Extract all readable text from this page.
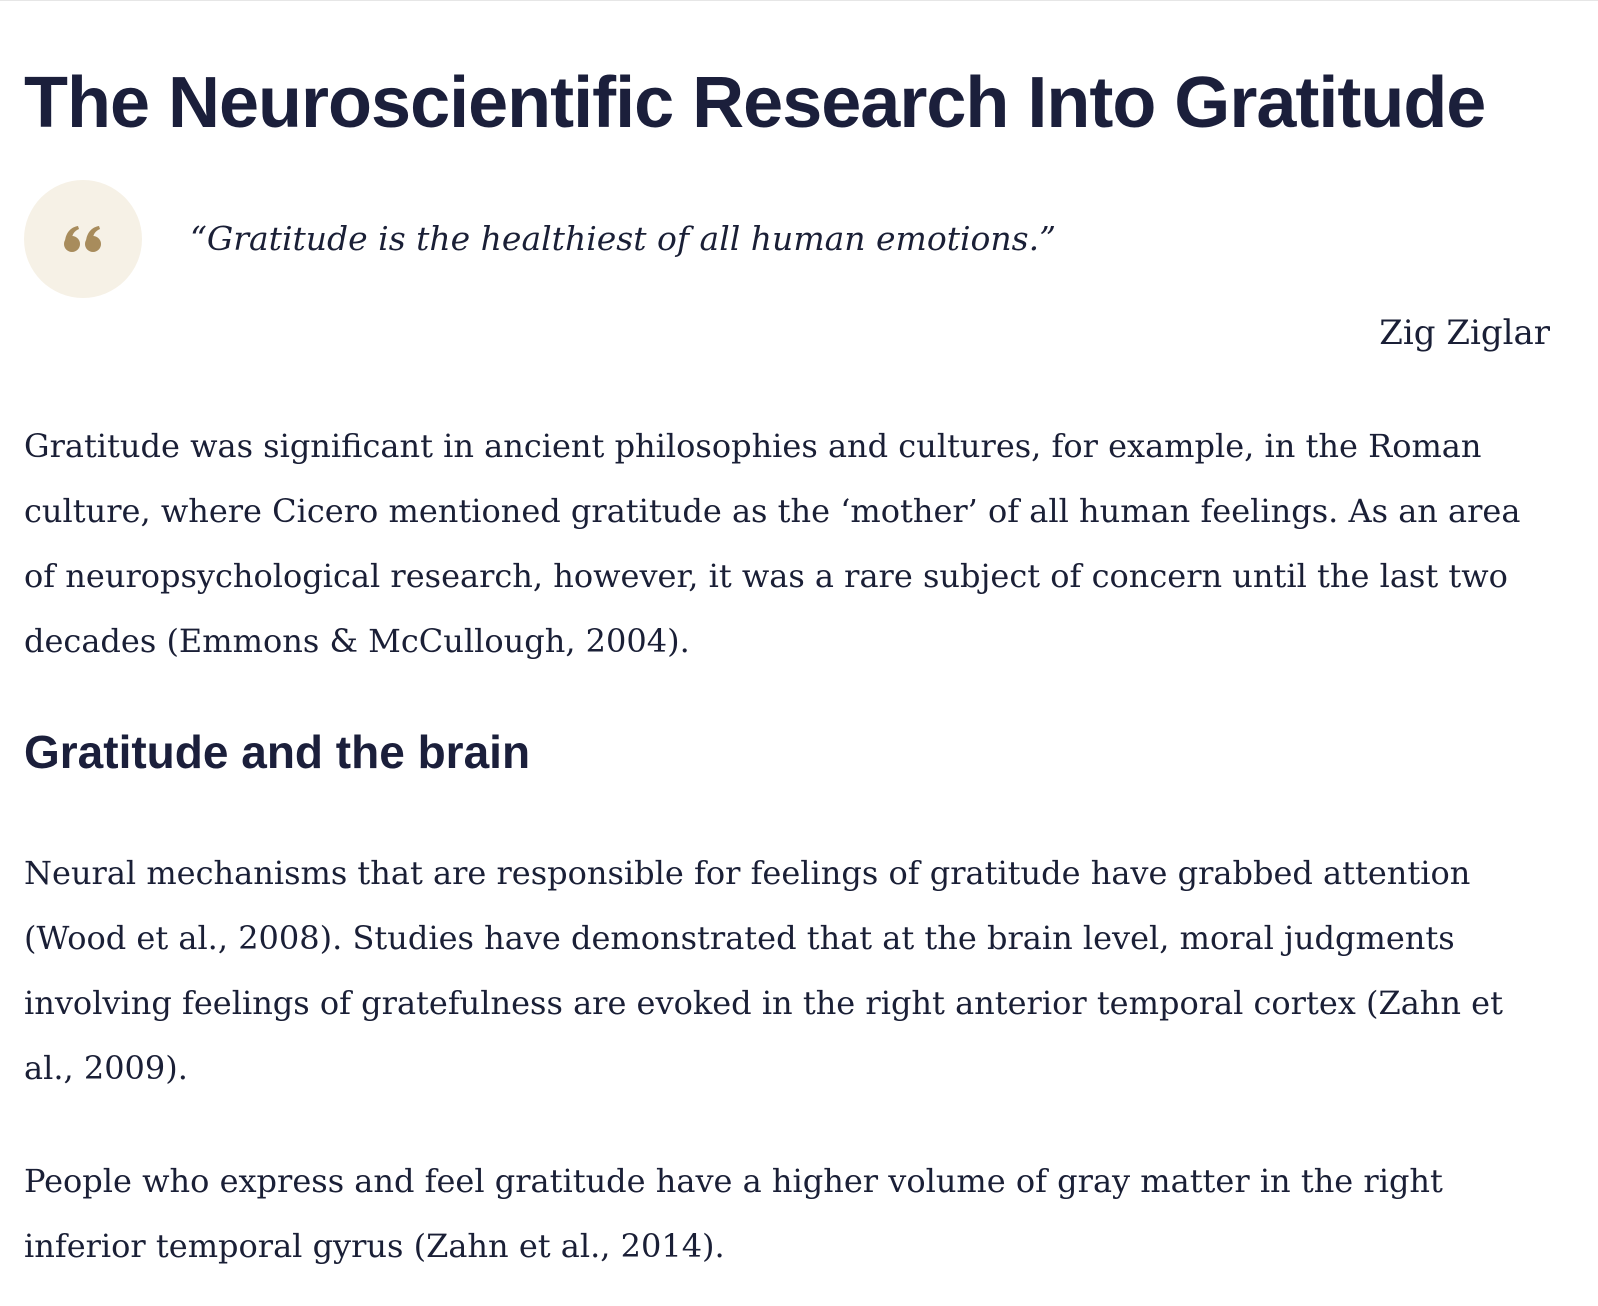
The Neuroscientific Research Into Gratitude

“Gratitude is the healthiest of all human emotions.”

Zig Ziglar

Gratitude was significant in ancient philosophies and cultures, for example, in the Roman culture, where Cicero mentioned gratitude as the ‘mother’ of all human feelings. As an area of neuropsychological research, however, it was a rare subject of concern until the last two decades (Emmons & McCullough, 2004).

Gratitude and the brain

Neural mechanisms that are responsible for feelings of gratitude have grabbed attention (Wood et al., 2008). Studies have demonstrated that at the brain level, moral judgments involving feelings of gratefulness are evoked in the right anterior temporal cortex (Zahn et al., 2009).

People who express and feel gratitude have a higher volume of gray matter in the right inferior temporal gyrus (Zahn et al., 2014).
